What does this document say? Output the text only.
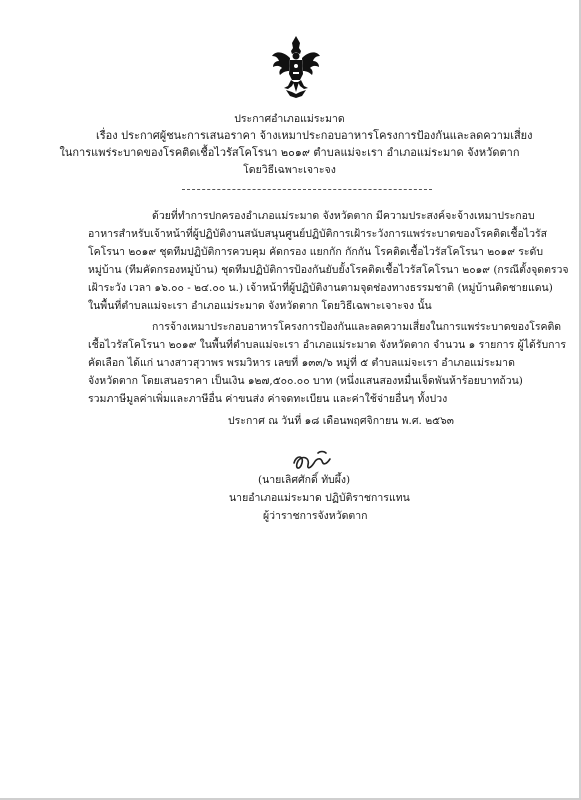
ประกาศอำเภอแม่ระมาด
เรื่อง ประกาศผู้ชนะการเสนอราคา จ้างเหมาประกอบอาหารโครงการป้องกันและลดความเสี่ยง
ในการแพร่ระบาดของโรคติดเชื้อไวรัสโคโรนา ๒๐๑๙ ตำบลแม่จะเรา อำเภอแม่ระมาด จังหวัดตาก
โดยวิธีเฉพาะเจาะจง
ด้วยที่ทำการปกครองอำเภอแม่ระมาด จังหวัดตาก มีความประสงค์จะจ้างเหมาประกอบ
อาหารสำหรับเจ้าหน้าที่ผู้ปฏิบัติงานสนับสนุนศูนย์ปฏิบัติการเฝ้าระวังการแพร่ระบาดของโรคติดเชื้อไวรัส
โคโรนา ๒๐๑๙ ชุดทีมปฏิบัติการควบคุม คัดกรอง แยกกัก กักกัน โรคติดเชื้อไวรัสโคโรนา ๒๐๑๙ ระดับ
หมู่บ้าน (ทีมคัดกรองหมู่บ้าน) ชุดทีมปฏิบัติการป้องกันยับยั้งโรคติดเชื้อไวรัสโคโรนา ๒๐๑๙ (กรณีตั้งจุดตรวจ
เฝ้าระวัง เวลา ๑๖.๐๐ - ๒๔.๐๐ น.) เจ้าหน้าที่ผู้ปฏิบัติงานตามจุดช่องทางธรรมชาติ (หมู่บ้านติดชายแดน)
ในพื้นที่ตำบลแม่จะเรา อำเภอแม่ระมาด จังหวัดตาก โดยวิธีเฉพาะเจาะจง นั้น
การจ้างเหมาประกอบอาหารโครงการป้องกันและลดความเสี่ยงในการแพร่ระบาดของโรคติด
เชื้อไวรัสโคโรนา ๒๐๑๙ ในพื้นที่ตำบลแม่จะเรา อำเภอแม่ระมาด จังหวัดตาก จำนวน ๑ รายการ ผู้ได้รับการ
คัดเลือก ได้แก่ นางสาวสุวาพร พรมวิหาร เลขที่ ๑๓๓/๖ หมู่ที่ ๕ ตำบลแม่จะเรา อำเภอแม่ระมาด
จังหวัดตาก โดยเสนอราคา เป็นเงิน ๑๒๗,๕๐๐.๐๐ บาท (หนึ่งแสนสองหมื่นเจ็ดพันห้าร้อยบาทถ้วน)
รวมภาษีมูลค่าเพิ่มและภาษีอื่น ค่าขนส่ง ค่าจดทะเบียน และค่าใช้จ่ายอื่นๆ ทั้งปวง
ประกาศ ณ วันที่ ๑๘ เดือนพฤศจิกายน พ.ศ. ๒๕๖๓
(นายเลิศศักดิ์ ทับผึ้ง)
นายอำเภอแม่ระมาด ปฏิบัติราชการแทน
ผู้ว่าราชการจังหวัดตาก
